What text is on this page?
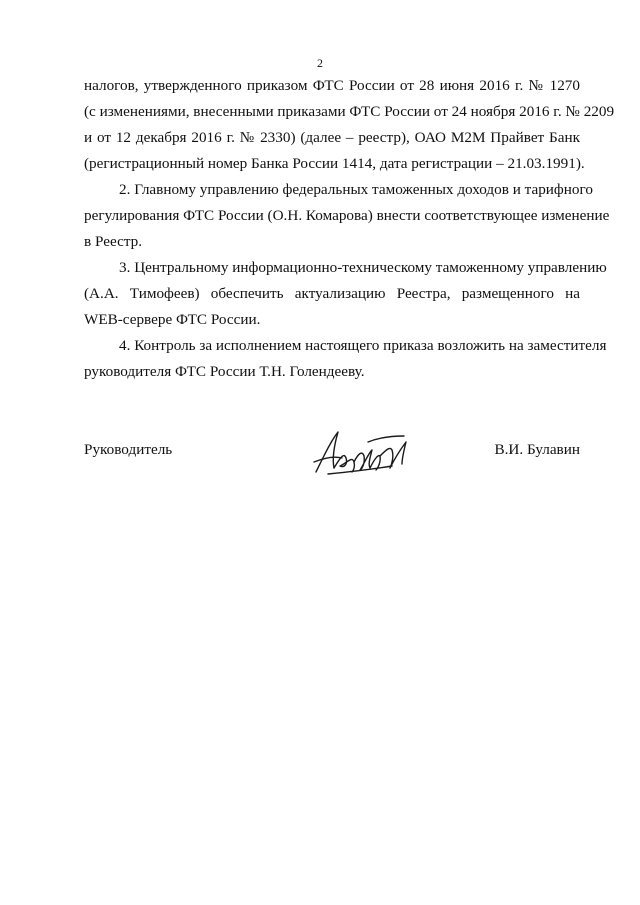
2
налогов, утвержденного приказом ФТС России от 28 июня 2016 г. № 1270
(с изменениями, внесенными приказами ФТС России от 24 ноября 2016 г. № 2209
и от 12 декабря 2016 г. № 2330) (далее – реестр), ОАО М2М Прайвет Банк
(регистрационный номер Банка России 1414, дата регистрации – 21.03.1991).
2. Главному управлению федеральных таможенных доходов и тарифного
регулирования ФТС России (О.Н. Комарова) внести соответствующее изменение
в Реестр.
3. Центральному информационно-техническому таможенному управлению
(А.А. Тимофеев) обеспечить актуализацию Реестра, размещенного на
WEB-сервере ФТС России.
4. Контроль за исполнением настоящего приказа возложить на заместителя
руководителя ФТС России Т.Н. Голендееву.
Руководитель	В.И. Булавин
